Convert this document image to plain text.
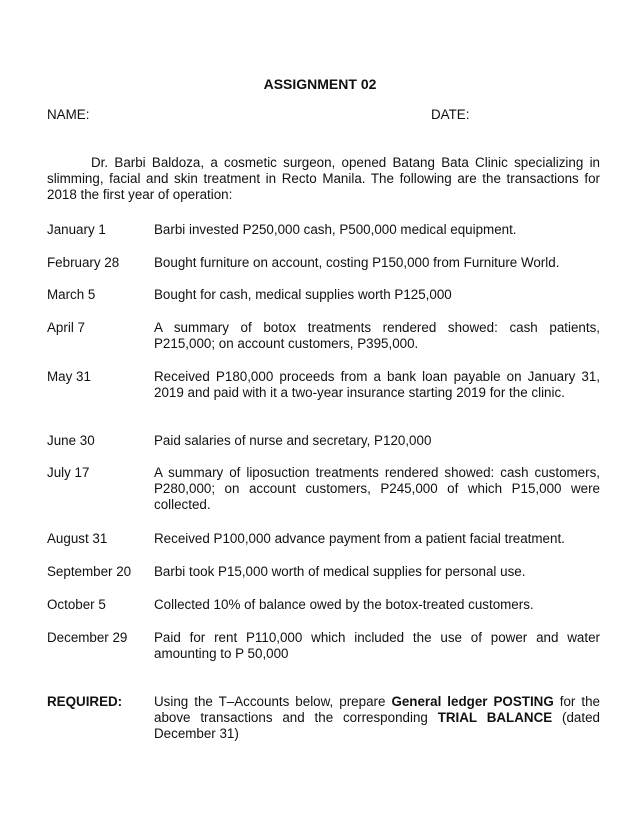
ASSIGNMENT 02
NAME:	DATE:
Dr. Barbi Baldoza, a cosmetic surgeon, opened Batang Bata Clinic specializing in slimming, facial and skin treatment in Recto Manila. The following are the transactions for 2018 the first year of operation:
January 1	Barbi invested P250,000 cash, P500,000 medical equipment.
February 28	Bought furniture on account, costing P150,000 from Furniture World.
March 5	Bought for cash, medical supplies worth P125,000
April 7	A summary of botox treatments rendered showed: cash patients, P215,000; on account customers, P395,000.
May 31	Received P180,000 proceeds from a bank loan payable on January 31, 2019 and paid with it a two-year insurance starting 2019 for the clinic.
June 30	Paid salaries of nurse and secretary, P120,000
July 17	A summary of liposuction treatments rendered showed: cash customers, P280,000; on account customers, P245,000 of which P15,000 were collected.
August 31	Received P100,000 advance payment from a patient facial treatment.
September 20	Barbi took P15,000 worth of medical supplies for personal use.
October 5	Collected 10% of balance owed by the botox-treated customers.
December 29	Paid for rent P110,000 which included the use of power and water amounting to P 50,000
REQUIRED:	Using the T–Accounts below, prepare General ledger POSTING for the above transactions and the corresponding TRIAL BALANCE (dated December 31)
